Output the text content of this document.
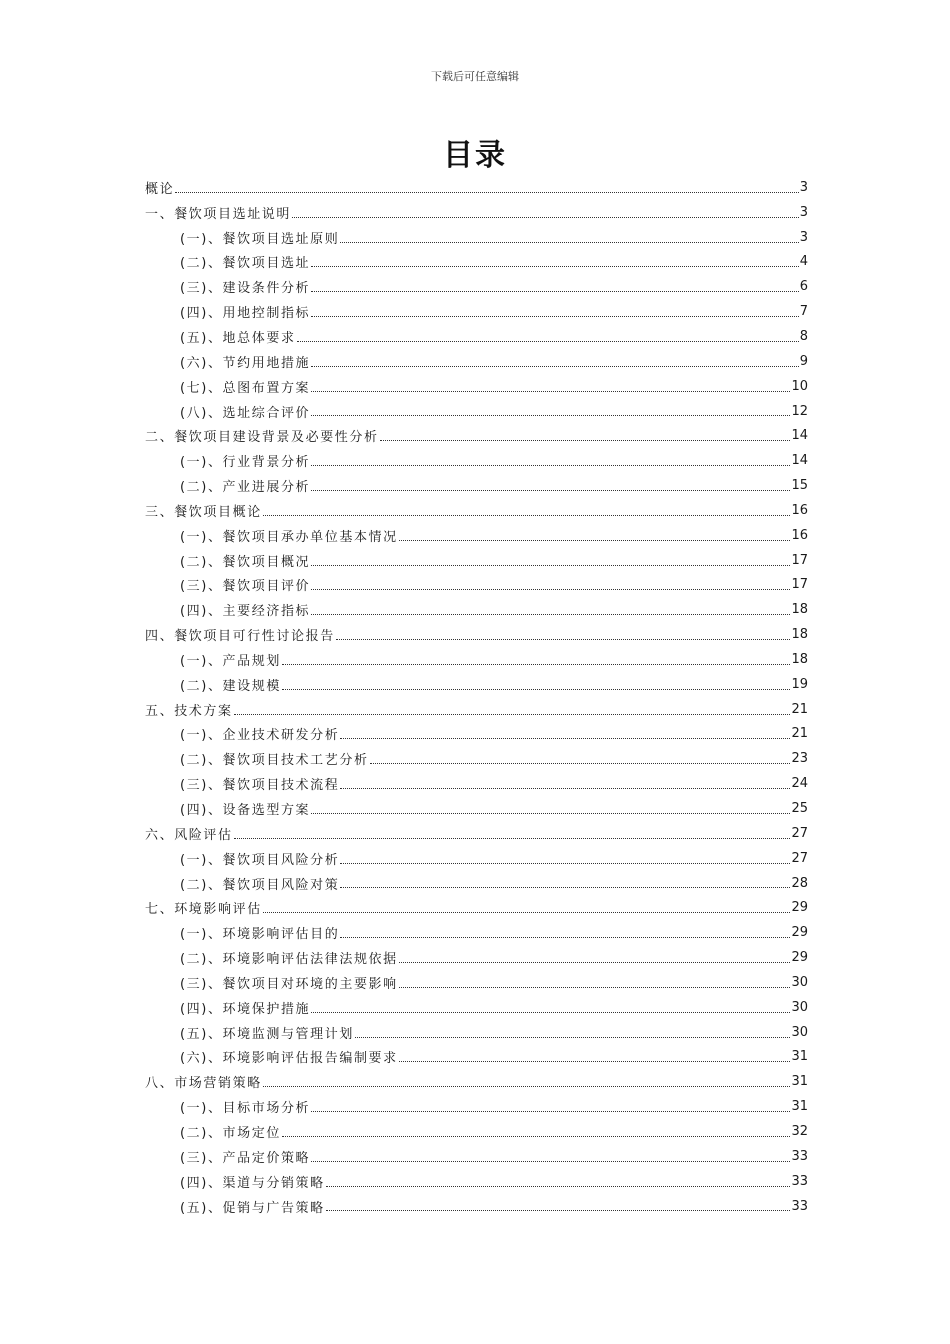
下载后可任意编辑
目录
概论	3
一、餐饮项目选址说明	3
(一)、餐饮项目选址原则	3
(二)、餐饮项目选址	4
(三)、建设条件分析	6
(四)、用地控制指标	7
(五)、地总体要求	8
(六)、节约用地措施	9
(七)、总图布置方案	10
(八)、选址综合评价	12
二、餐饮项目建设背景及必要性分析	14
(一)、行业背景分析	14
(二)、产业进展分析	15
三、餐饮项目概论	16
(一)、餐饮项目承办单位基本情况	16
(二)、餐饮项目概况	17
(三)、餐饮项目评价	17
(四)、主要经济指标	18
四、餐饮项目可行性讨论报告	18
(一)、产品规划	18
(二)、建设规模	19
五、技术方案	21
(一)、企业技术研发分析	21
(二)、餐饮项目技术工艺分析	23
(三)、餐饮项目技术流程	24
(四)、设备选型方案	25
六、风险评估	27
(一)、餐饮项目风险分析	27
(二)、餐饮项目风险对策	28
七、环境影响评估	29
(一)、环境影响评估目的	29
(二)、环境影响评估法律法规依据	29
(三)、餐饮项目对环境的主要影响	30
(四)、环境保护措施	30
(五)、环境监测与管理计划	30
(六)、环境影响评估报告编制要求	31
八、市场营销策略	31
(一)、目标市场分析	31
(二)、市场定位	32
(三)、产品定价策略	33
(四)、渠道与分销策略	33
(五)、促销与广告策略	33
